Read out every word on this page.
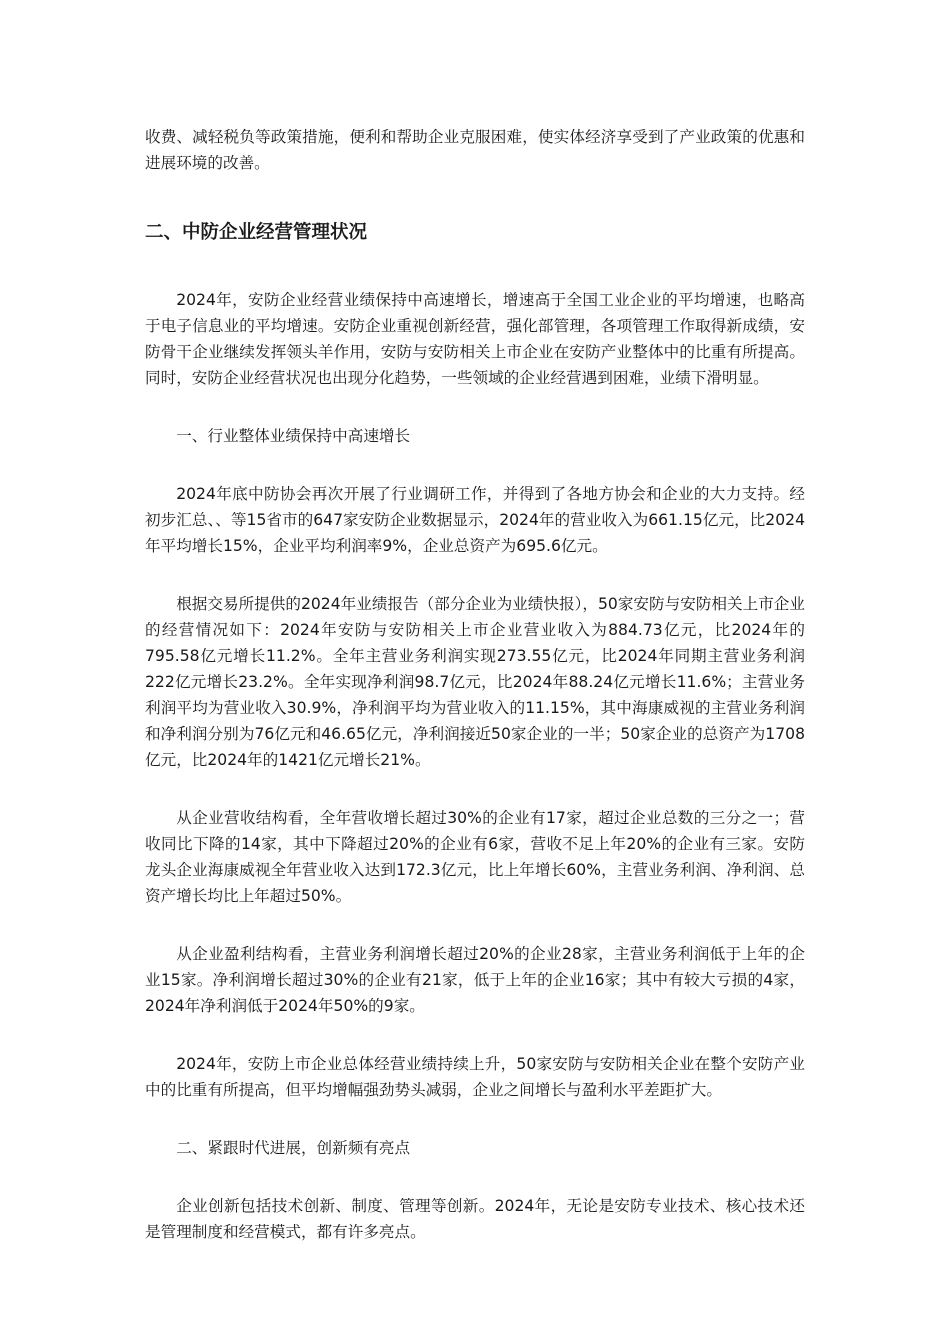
收费、减轻税负等政策措施，便利和帮助企业克服困难，使实体经济享受到了产业政策的优惠和进展环境的改善。

二、中防企业经营管理状况

2024年，安防企业经营业绩保持中高速增长，增速高于全国工业企业的平均增速，也略高于电子信息业的平均增速。安防企业重视创新经营，强化部管理，各项管理工作取得新成绩，安防骨干企业继续发挥领头羊作用，安防与安防相关上市企业在安防产业整体中的比重有所提高。同时，安防企业经营状况也出现分化趋势，一些领域的企业经营遇到困难，业绩下滑明显。

一、行业整体业绩保持中高速增长

2024年底中防协会再次开展了行业调研工作，并得到了各地方协会和企业的大力支持。经初步汇总、、等15省市的647家安防企业数据显示，2024年的营业收入为661.15亿元，比2024年平均增长15%，企业平均利润率9%，企业总资产为695.6亿元。

根据交易所提供的2024年业绩报告（部分企业为业绩快报），50家安防与安防相关上市企业的经营情况如下：2024年安防与安防相关上市企业营业收入为884.73亿元，比2024年的795.58亿元增长11.2%。全年主营业务利润实现273.55亿元，比2024年同期主营业务利润222亿元增长23.2%。全年实现净利润98.7亿元，比2024年88.24亿元增长11.6%；主营业务利润平均为营业收入30.9%，净利润平均为营业收入的11.15%，其中海康威视的主营业务利润和净利润分别为76亿元和46.65亿元，净利润接近50家企业的一半；50家企业的总资产为1708亿元，比2024年的1421亿元增长21%。

从企业营收结构看，全年营收增长超过30%的企业有17家，超过企业总数的三分之一；营收同比下降的14家，其中下降超过20%的企业有6家，营收不足上年20%的企业有三家。安防龙头企业海康威视全年营业收入达到172.3亿元，比上年增长60%，主营业务利润、净利润、总资产增长均比上年超过50%。

从企业盈利结构看，主营业务利润增长超过20%的企业28家，主营业务利润低于上年的企业15家。净利润增长超过30%的企业有21家，低于上年的企业16家；其中有较大亏损的4家，2024年净利润低于2024年50%的9家。

2024年，安防上市企业总体经营业绩持续上升，50家安防与安防相关企业在整个安防产业中的比重有所提高，但平均增幅强劲势头减弱，企业之间增长与盈利水平差距扩大。

二、紧跟时代进展，创新频有亮点

企业创新包括技术创新、制度、管理等创新。2024年，无论是安防专业技术、核心技术还是管理制度和经营模式，都有许多亮点。
